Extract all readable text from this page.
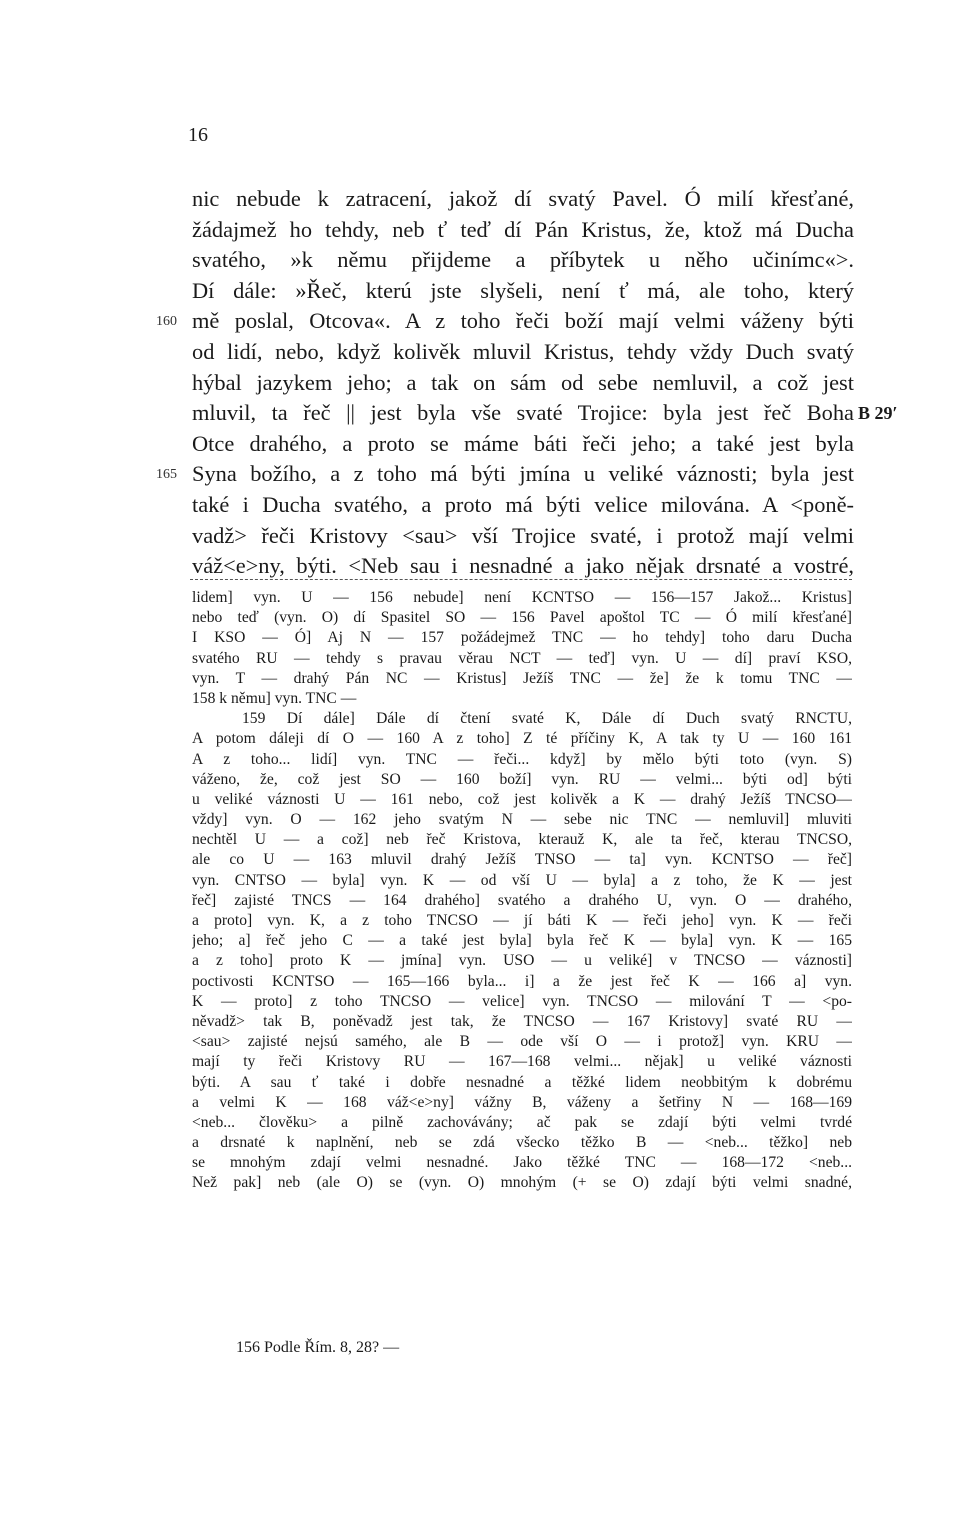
16
nic nebude k zatracení, jakož dí svatý Pavel. Ó milí křesťané,
žádajmež ho tehdy, neb ť teď dí Pán Kristus, že, ktož má Ducha
svatého, »k němu přijdeme a příbytek u něho učinímc«>.
Dí dále: »Řeč, kterú jste slyšeli, není ť má, ale toho, který
160 mě poslal, Otcova«. A z toho řeči boží mají velmi váženy býti
od lidí, nebo, když kolivěk mluvil Kristus, tehdy vždy Duch svatý
hýbal jazykem jeho; a tak on sám od sebe nemluvil, a což jest
mluvil, ta řeč || jest byla vše svaté Trojice: byla jest řeč Boha B 29′
Otce drahého, a proto se máme báti řeči jeho; a také jest byla
165 Syna božího, a z toho má býti jmína u veliké váznosti; byla jest
také i Ducha svatého, a proto má býti velice milována. A <poně-
vadž> řeči Kristovy <sau> vší Trojice svaté, i protož mají velmi
váž<e>ny, býti. <Neb sau i nesnadné a jako nějak drsnaté a vostré,
lidem] vyn. U — 156 nebude] není KCNTSO — 156—157 Jakož... Kristus]
nebo teď (vyn. O) dí Spasitel SO — 156 Pavel apoštol TC — Ó milí křesťané]
I KSO — Ó] Aj N — 157 požádejmež TNC — ho tehdy] toho daru Ducha
svatého RU — tehdy s pravau věrau NCT — teď] vyn. U — dí] praví KSO,
vyn. T — drahý Pán NC — Kristus] Ježíš TNC — že] že k tomu TNC —
158 k němu] vyn. TNC —
159 Dí dále] Dále dí čtení svaté K, Dále dí Duch svatý RNCTU,
A potom dáleji dí O — 160 A z toho] Z té příčiny K, A tak ty U — 160 161
A z toho... lidí] vyn. TNC — řeči... když] by mělo býti toto (vyn. S)
váženo, že, což jest SO — 160 boží] vyn. RU — velmi... býti od] býti
u veliké váznosti U — 161 nebo, což jest kolivěk a K — drahý Ježíš TNCSO—
vždy] vyn. O — 162 jeho svatým N — sebe nic TNC — nemluvil] mluviti
nechtěl U — a což] neb řeč Kristova, kterauž K, ale ta řeč, kterau TNCSO,
ale co U — 163 mluvil drahý Ježíš TNSO — ta] vyn. KCNTSO — řeč]
vyn. CNTSO — byla] vyn. K — od vší U — byla] a z toho, že K — jest
řeč] zajisté TNCS — 164 drahého] svatého a drahého U, vyn. O — drahého,
a proto] vyn. K, a z toho TNCSO — jí báti K — řeči jeho] vyn. K — řeči
jeho; a] řeč jeho C — a také jest byla] byla řeč K — byla] vyn. K — 165
a z toho] proto K — jmína] vyn. USO — u veliké] v TNCSO — váznosti]
poctivosti KCNTSO — 165—166 byla... i] a že jest řeč K — 166 a] vyn.
K — proto] z toho TNCSO — velice] vyn. TNCSO — milování T — <po-
něvadž> tak B, poněvadž jest tak, že TNCSO — 167 Kristovy] svaté RU —
<sau> zajisté nejsú samého, ale B — ode vší O — i protož] vyn. KRU —
mají ty řeči Kristovy RU — 167—168 velmi... nějak] u veliké váznosti
býti. A sau ť také i dobře nesnadné a těžké lidem neobbitým k dobrému
a velmi K — 168 váž<e>ny] vážny B, váženy a šetřiny N — 168—169
<neb... člověku> a pilně zachovávány; ač pak se zdají býti velmi tvrdé
a drsnaté k naplnění, neb se zdá všecko těžko B — <neb... těžko] neb
se mnohým zdají velmi nesnadné. Jako těžké TNC — 168—172 <neb...
Než pak] neb (ale O) se (vyn. O) mnohým (+ se O) zdají býti velmi snadné,
156 Podle Řím. 8, 28? —
